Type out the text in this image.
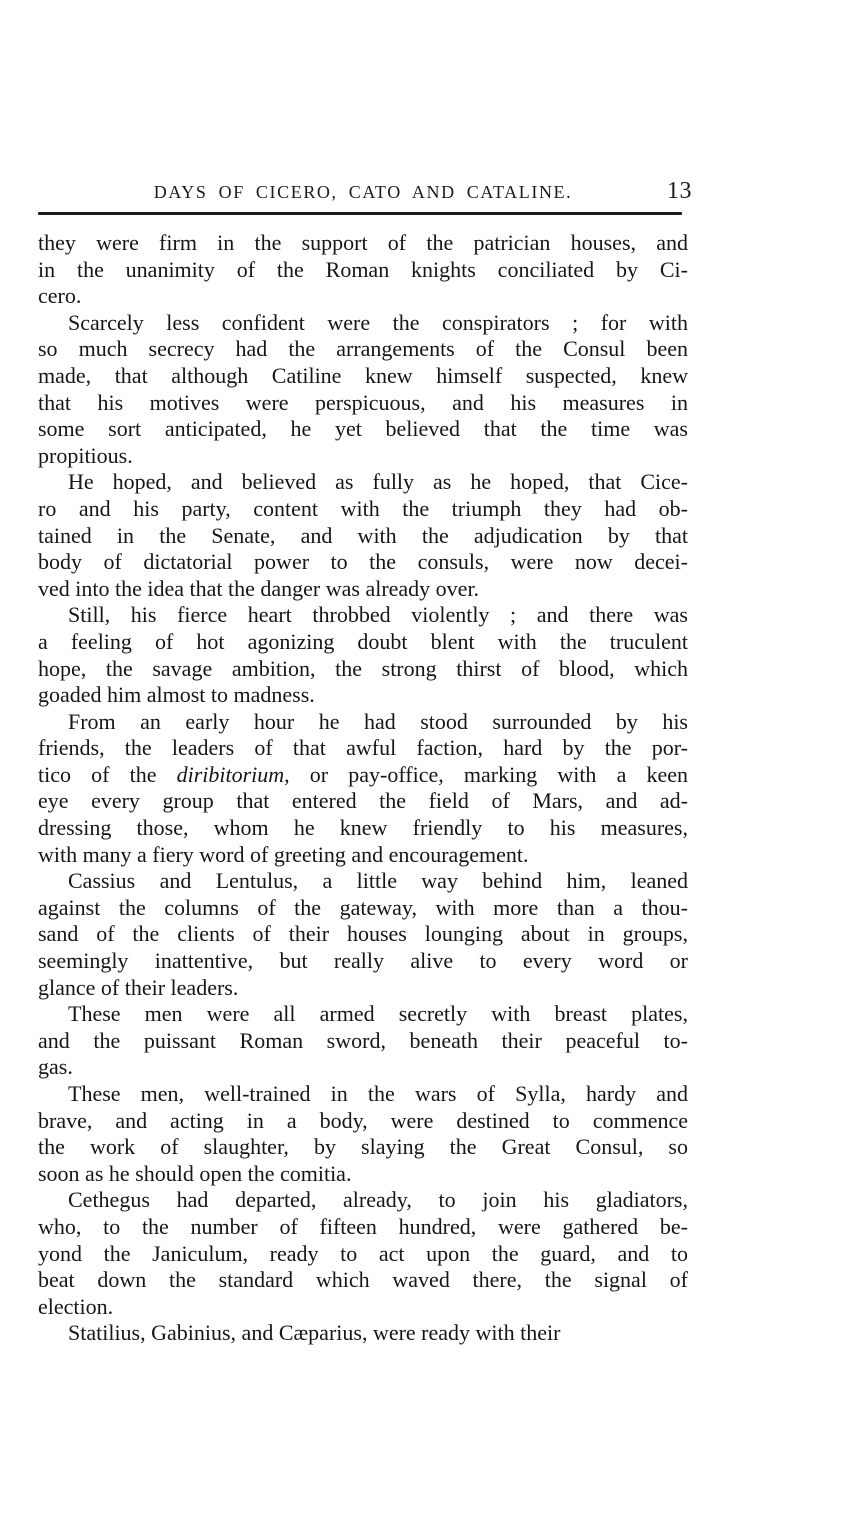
DAYS OF CICERO, CATO AND CATALINE.	13
they were firm in the support of the patrician houses, and
in the unanimity of the Roman knights conciliated by Ci-
cero.
Scarcely less confident were the conspirators ; for with
so much secrecy had the arrangements of the Consul been
made, that although Catiline knew himself suspected, knew
that his motives were perspicuous, and his measures in
some sort anticipated, he yet believed that the time was
propitious.
He hoped, and believed as fully as he hoped, that Cice-
ro and his party, content with the triumph they had ob-
tained in the Senate, and with the adjudication by that
body of dictatorial power to the consuls, were now decei-
ved into the idea that the danger was already over.
Still, his fierce heart throbbed violently ; and there was
a feeling of hot agonizing doubt blent with the truculent
hope, the savage ambition, the strong thirst of blood, which
goaded him almost to madness.
From an early hour he had stood surrounded by his
friends, the leaders of that awful faction, hard by the por-
tico of the diribitorium, or pay-office, marking with a keen
eye every group that entered the field of Mars, and ad-
dressing those, whom he knew friendly to his measures,
with many a fiery word of greeting and encouragement.
Cassius and Lentulus, a little way behind him, leaned
against the columns of the gateway, with more than a thou-
sand of the clients of their houses lounging about in groups,
seemingly inattentive, but really alive to every word or
glance of their leaders.
These men were all armed secretly with breast plates,
and the puissant Roman sword, beneath their peaceful to-
gas.
These men, well-trained in the wars of Sylla, hardy and
brave, and acting in a body, were destined to commence
the work of slaughter, by slaying the Great Consul, so
soon as he should open the comitia.
Cethegus had departed, already, to join his gladiators,
who, to the number of fifteen hundred, were gathered be-
yond the Janiculum, ready to act upon the guard, and to
beat down the standard which waved there, the signal of
election.
Statilius, Gabinius, and Cæparius, were ready with their
